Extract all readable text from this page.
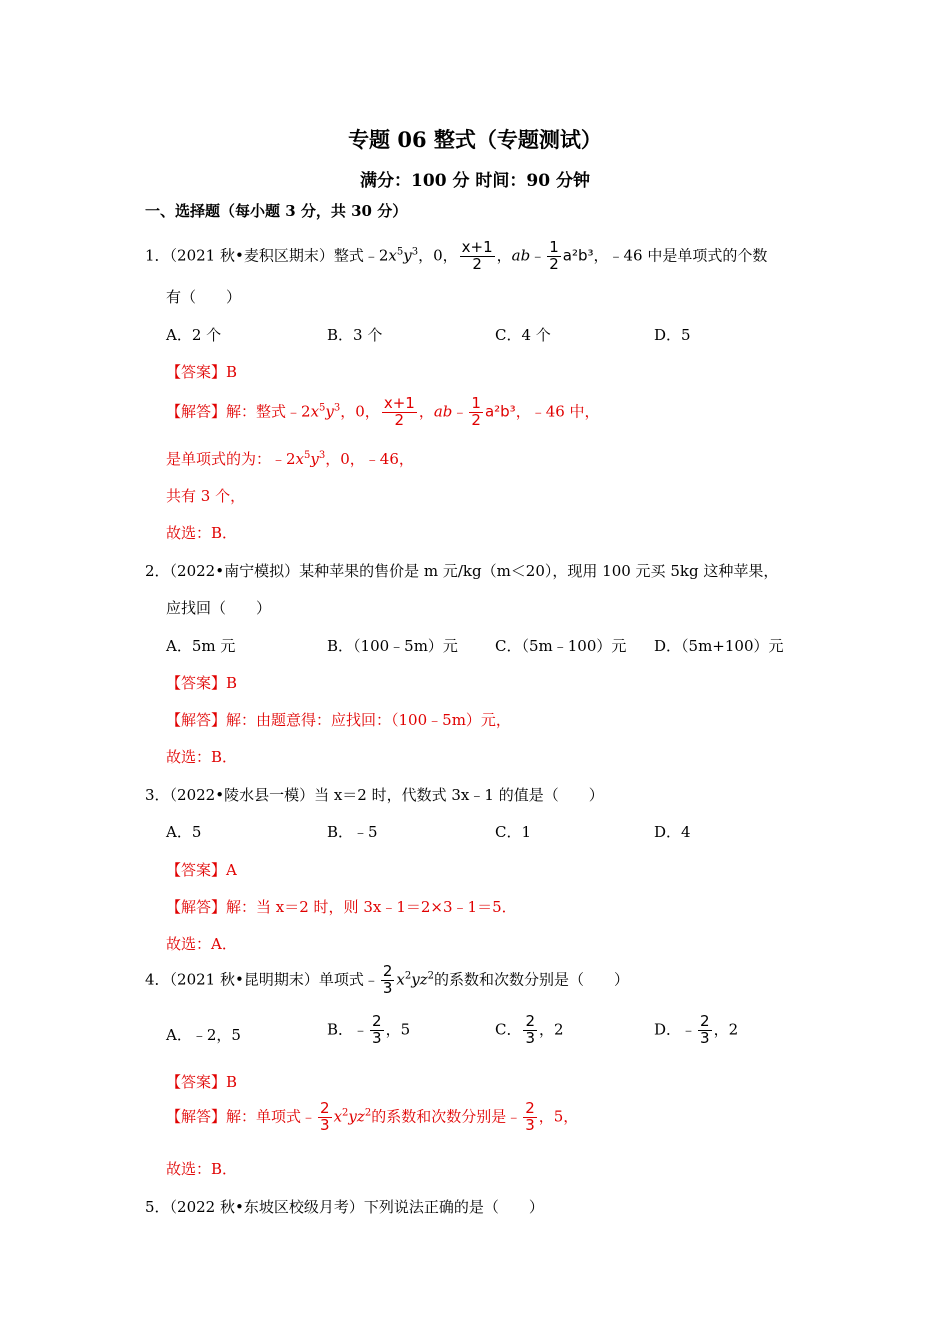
专题 06 整式（专题测试）
满分：100 分 时间：90 分钟
一、选择题（每小题 3 分，共 30 分）
1．（2021 秋•麦积区期末）整式$﹣2x^5y^3$，0， $\frac{x+1}{2}$ ，ab﹣ $\frac{1}{2} a^2b^3$，﹣46 中是单项式的个数
有（　　）
A．2 个	B．3 个	C．4 个	D．5
【答案】B
【解答】解：整式$﹣2x^5y^3$，0， $\frac{x+1}{2}$ ，ab﹣ $\frac{1}{2} a^2b^3$，﹣46 中，
是单项式的为：$﹣2x^5y^3$，0，﹣46，
共有 3 个，
故选：B．
2．（2022•南宁模拟）某种苹果的售价是 m 元/kg（m＜20），现用 100 元买 5kg 这种苹果，
应找回（　　）
A．5m 元	B．（100﹣5m）元 C．（5m﹣100）元 D．（5m+100）元
【答案】B
【解答】解：由题意得：应找回：（100﹣5m）元，
故选：B．
3．（2022•陵水县一模）当 x＝2 时，代数式 3x﹣1 的值是（　　）
A．5	B．﹣5	C．1	D．4
【答案】A
【解答】解：当 x＝2 时，则 3x﹣1＝2×3﹣1＝5．
故选：A．
4．（2021 秋•昆明期末）单项式﹣ $\frac{2}{3} x^2yz^2$的系数和次数分别是（　　）
A．﹣2，5	B．﹣ $\frac{2}{3}$ ，5	C． $\frac{2}{3}$ ，2	D．﹣ $\frac{2}{3}$ ，2
【答案】B
【解答】解：单项式﹣ $\frac{2}{3} x^2yz^2$的系数和次数分别是﹣ $\frac{2}{3}$ ，5，
故选：B．
5．（2022 秋•东坡区校级月考）下列说法正确的是（　　）
